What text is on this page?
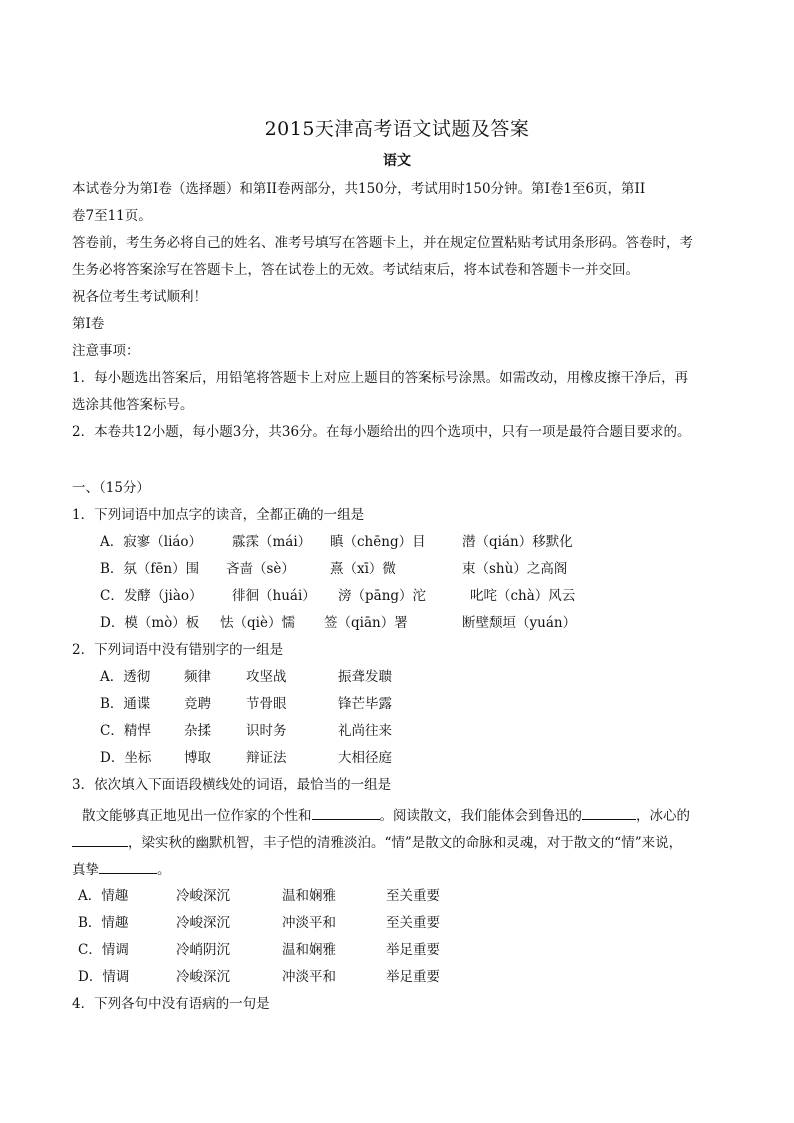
2015天津高考语文试题及答案
语文
本试卷分为第I卷（选择题）和第II卷两部分，共150分，考试用时150分钟。第I卷1至6页，第II
卷7至11页。
答卷前，考生务必将自己的姓名、准考号填写在答题卡上，并在规定位置粘贴考试用条形码。答卷时，考
生务必将答案涂写在答题卡上，答在试卷上的无效。考试结束后，将本试卷和答题卡一并交回。
祝各位考生考试顺利！
第I卷
注意事项：
1．每小题选出答案后，用铅笔将答题卡上对应上题目的答案标号涂黑。如需改动，用橡皮擦干净后，再
选涂其他答案标号。
2．本卷共12小题，每小题3分，共36分。在每小题给出的四个选项中，只有一项是最符合题目要求的。
一、（15分）
1．下列词语中加点字的读音，全都正确的一组是
A．寂寥（liáo） 霡霂（mái） 瞋（chēng）目	潜（qián）移默化
B．氛（fēn）围 吝啬（sè）	熹（xī）微	束（shù）之高阁
C．发酵（jiào） 徘徊（huái） 滂（pāng）沱	叱咤（chà）风云
D．模（mò）板 怯（qiè）懦 签（qiān）署	断壁颓垣（yuán）
2．下列词语中没有错别字的一组是
A．透彻	频律	攻坚战	振聋发聩
B．通谍 竞聘	节骨眼	锋芒毕露
C．精悍 杂揉	识时务	礼尚往来
D．坐标 博取	辩证法	大相径庭
3．依次填入下面语段横线处的词语，最恰当的一组是
散文能够真正地见出一位作家的个性和	。阅读散文，我们能体会到鲁迅的	，冰心的
，梁实秋的幽默机智，丰子恺的清雅淡泊。“情”是散文的命脉和灵魂，对于散文的“情”来说，
真挚	。
A．情趣	冷峻深沉	温和娴雅	至关重要
B．情趣	冷峻深沉	冲淡平和	至关重要
C．情调	冷峭阴沉	温和娴雅	举足重要
D．情调	冷峻深沉	冲淡平和	举足重要
4．下列各句中没有语病的一句是
